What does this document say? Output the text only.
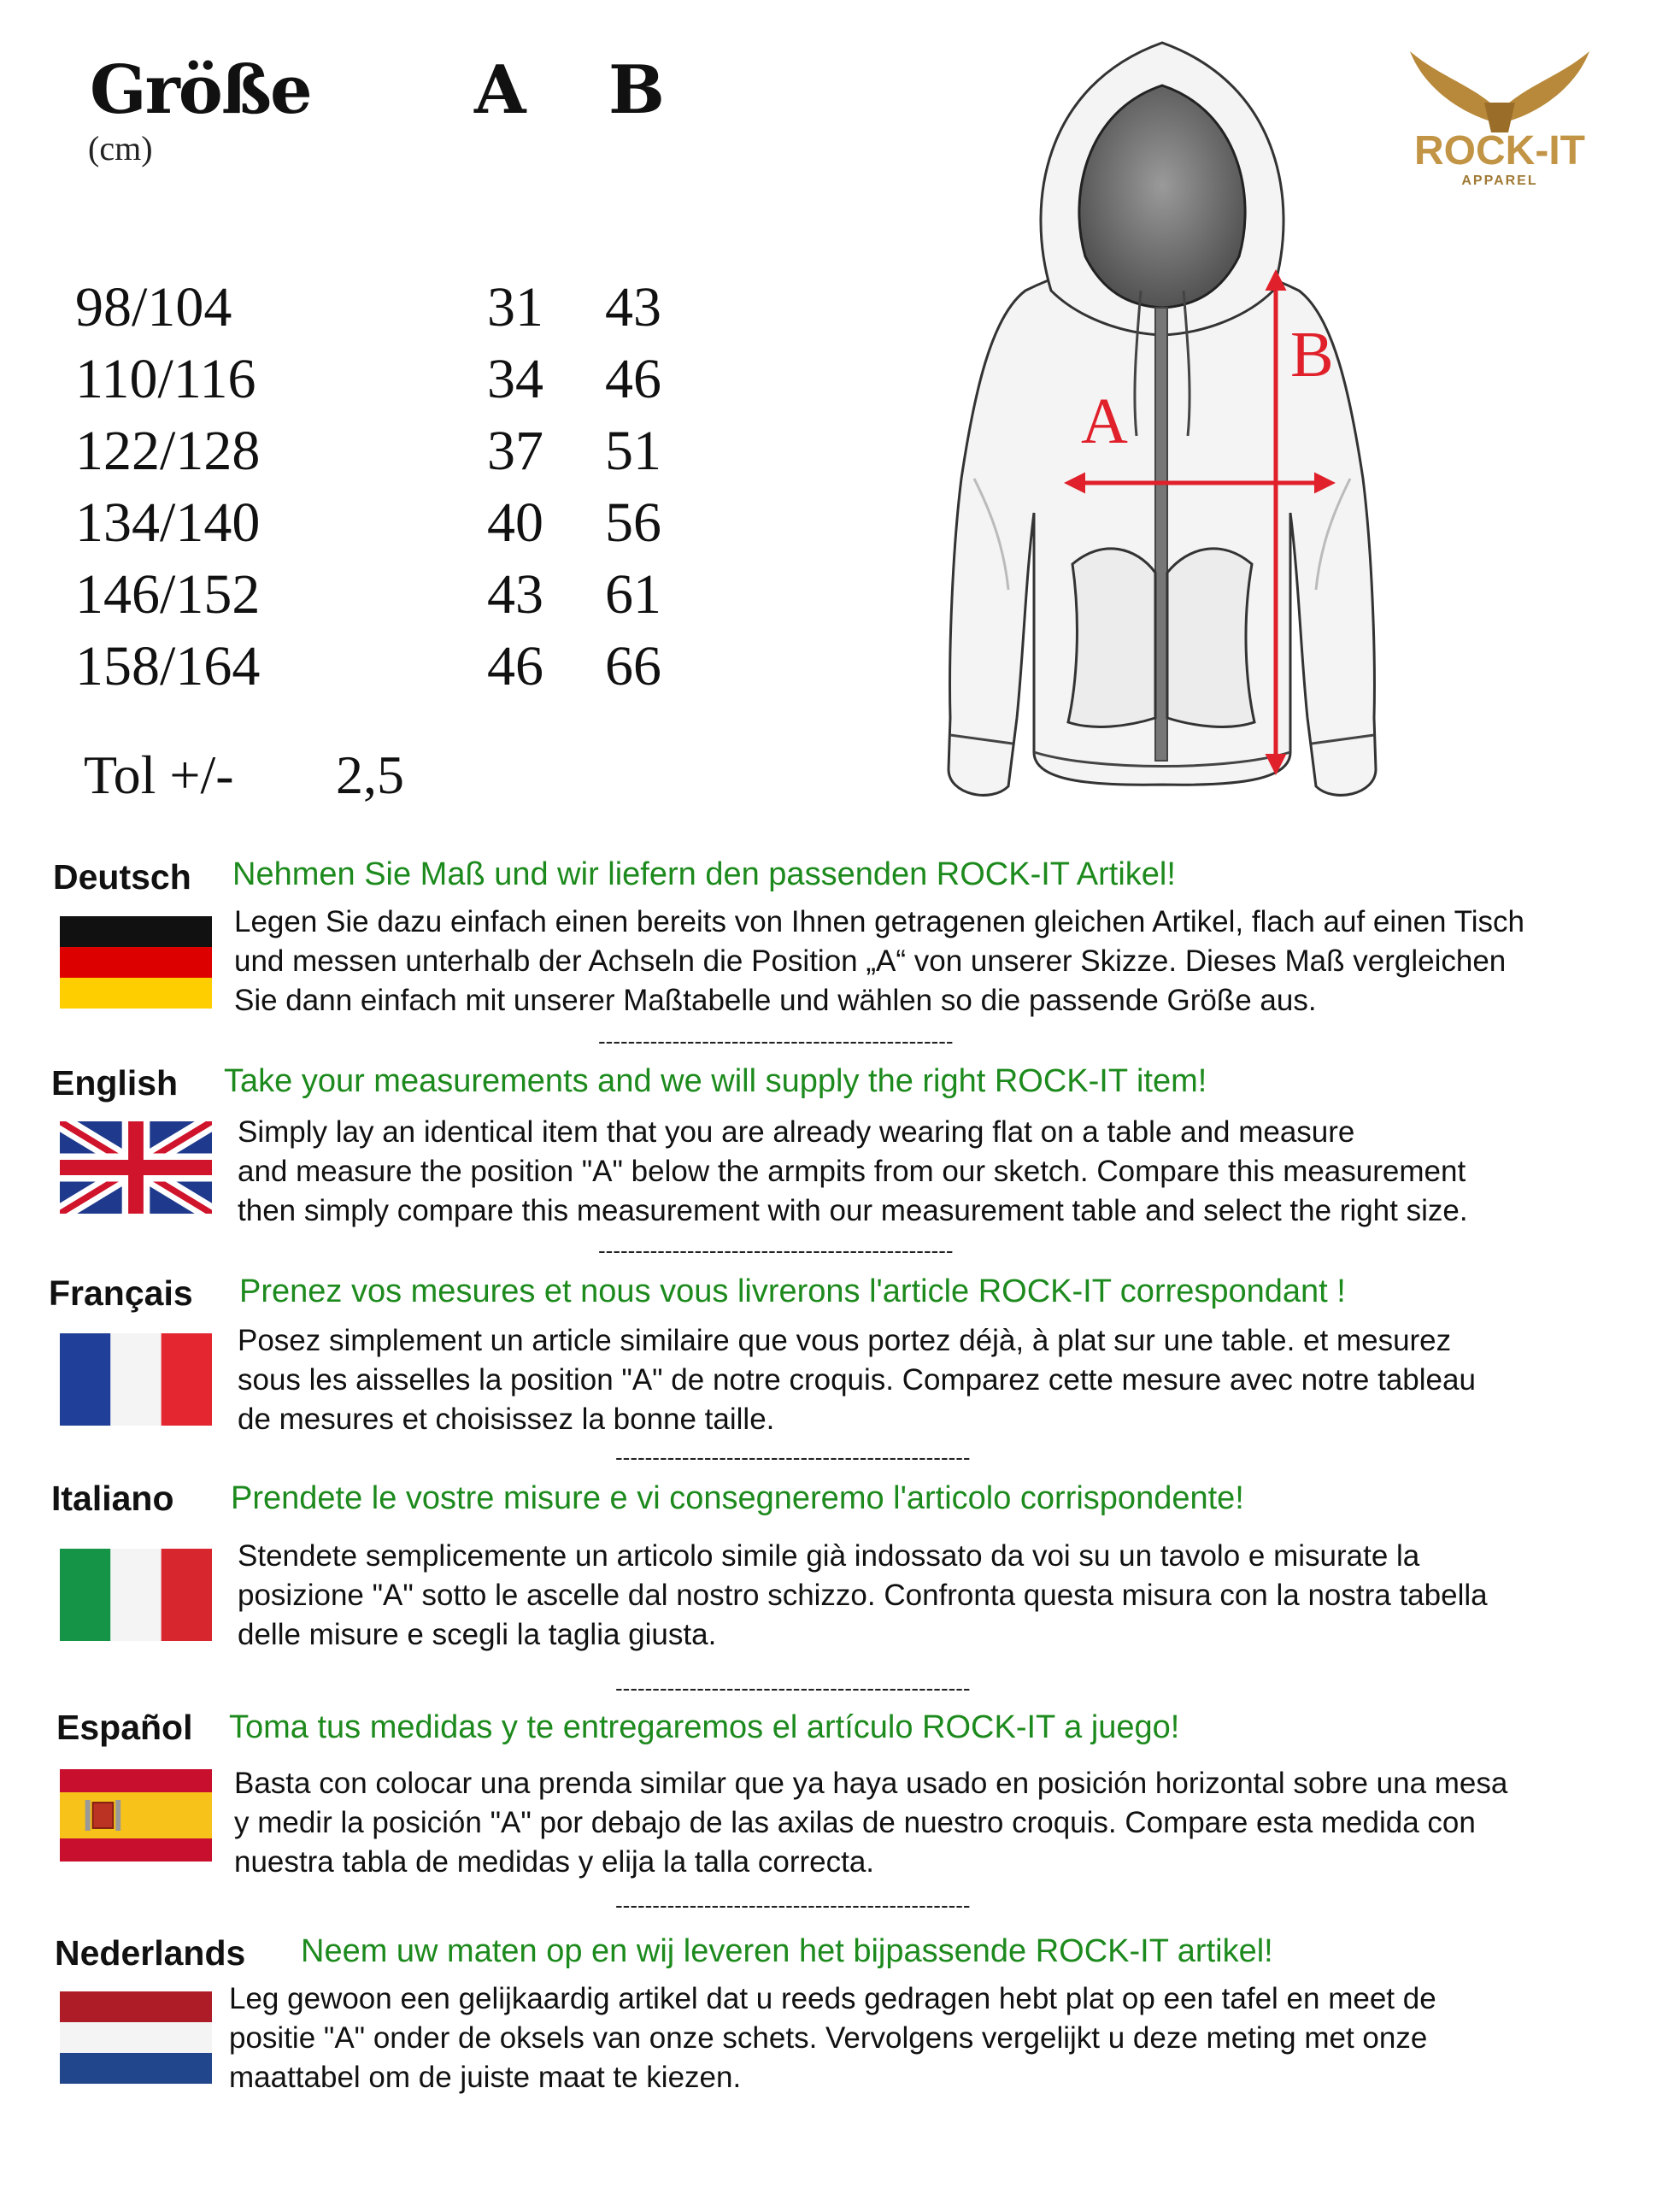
Größe
(cm)
A B
98/104	31 43
110/116	34 46
122/128	37 51
134/140	40 56
146/152	43 61
158/164	46 66
Tol +/- 2,5
A
B
ROCK-IT
APPAREL
Deutsch Nehmen Sie Maß und wir liefern den passenden ROCK-IT Artikel!
Legen Sie dazu einfach einen bereits von Ihnen getragenen gleichen Artikel, flach auf einen Tisch
und messen unterhalb der Achseln die Position „A“ von unserer Skizze. Dieses Maß vergleichen
Sie dann einfach mit unserer Maßtabelle und wählen so die passende Größe aus.
------------------------------------------------
English Take your measurements and we will supply the right ROCK-IT item!
Simply lay an identical item that you are already wearing flat on a table and measure
and measure the position "A" below the armpits from our sketch. Compare this measurement
then simply compare this measurement with our measurement table and select the right size.
------------------------------------------------
Français Prenez vos mesures et nous vous livrerons l'article ROCK-IT correspondant !
Posez simplement un article similaire que vous portez déjà, à plat sur une table. et mesurez
sous les aisselles la position "A" de notre croquis. Comparez cette mesure avec notre tableau
de mesures et choisissez la bonne taille.
------------------------------------------------
Italiano Prendete le vostre misure e vi consegneremo l'articolo corrispondente!
Stendete semplicemente un articolo simile già indossato da voi su un tavolo e misurate la
posizione "A" sotto le ascelle dal nostro schizzo. Confronta questa misura con la nostra tabella
delle misure e scegli la taglia giusta.
------------------------------------------------
Español Toma tus medidas y te entregaremos el artículo ROCK-IT a juego!
Basta con colocar una prenda similar que ya haya usado en posición horizontal sobre una mesa
y medir la posición "A" por debajo de las axilas de nuestro croquis. Compare esta medida con
nuestra tabla de medidas y elija la talla correcta.
------------------------------------------------
Nederlands Neem uw maten op en wij leveren het bijpassende ROCK-IT artikel!
Leg gewoon een gelijkaardig artikel dat u reeds gedragen hebt plat op een tafel en meet de
positie "A" onder de oksels van onze schets. Vervolgens vergelijkt u deze meting met onze
maattabel om de juiste maat te kiezen.
